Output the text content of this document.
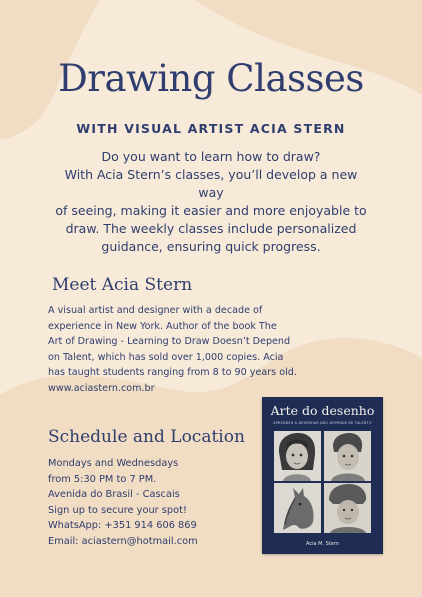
Drawing Classes
WITH VISUAL ARTIST ACIA STERN
Do you want to learn how to draw?
With Acia Stern’s classes, you’ll develop a new way
of seeing, making it easier and more enjoyable to
draw. The weekly classes include personalized
guidance, ensuring quick progress.
Meet Acia Stern
A visual artist and designer with a decade of
experience in New York. Author of the book The
Art of Drawing - Learning to Draw Doesn’t Depend
on Talent, which has sold over 1,000 copies. Acia
has taught students ranging from 8 to 90 years old.
www.aciastern.com.br
Schedule and Location
Mondays and Wednesdays
from 5:30 PM to 7 PM.
Avenida do Brasil - Cascais
Sign up to secure your spot!
WhatsApp: +351 914 606 869
Email: aciastern@hotmail.com
Arte do desenho
APRENDER A DESENHAR NÃO DEPENDE DE TALENTO
Acia M. Stern
